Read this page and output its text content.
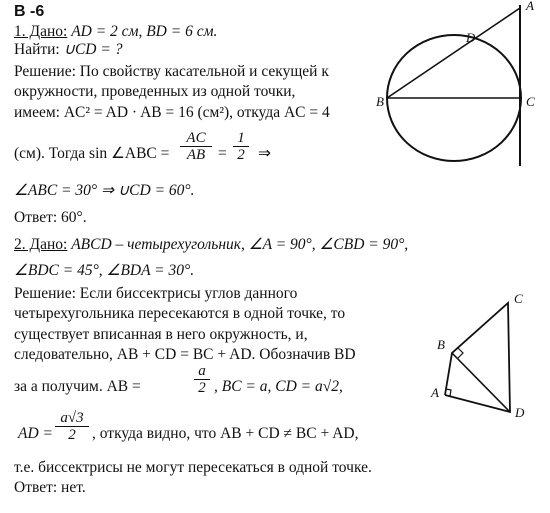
В -6
1. Дано: AD = 2 см, BD = 6 см.
Найти: ∪CD = ?
Решение: По свойству касательной и секущей к
окружности, проведенных из одной точки,
имеем: AC² = AD · AB = 16 (см²), откуда AC = 4
(см). Тогда sin ∠ABC = $\frac{AC}{AB} = \frac{1}{2}$ ⇒
∠ABC = 30° ⇒ ∪CD = 60°.
Ответ: 60°.
A
D
B	C
2. Дано: ABCD – четырехугольник, ∠A = 90°, ∠CBD = 90°,
∠BDC = 45°, ∠BDA = 30°.
Решение: Если биссектрисы углов данного
четырехугольника пересекаются в одной точке, то
существует вписанная в него окружность, и,
следовательно, AB + CD = BC + AD. Обозначив BD
за a получим. AB =	$\frac{a}{2}$ , BC = a, CD = a√2,
AD = $\frac{a√3}{2}$ , откуда видно, что AB + CD ≠ BC + AD,
т.е. биссектрисы не могут пересекаться в одной точке.
Ответ: нет.
A
B
C
D
